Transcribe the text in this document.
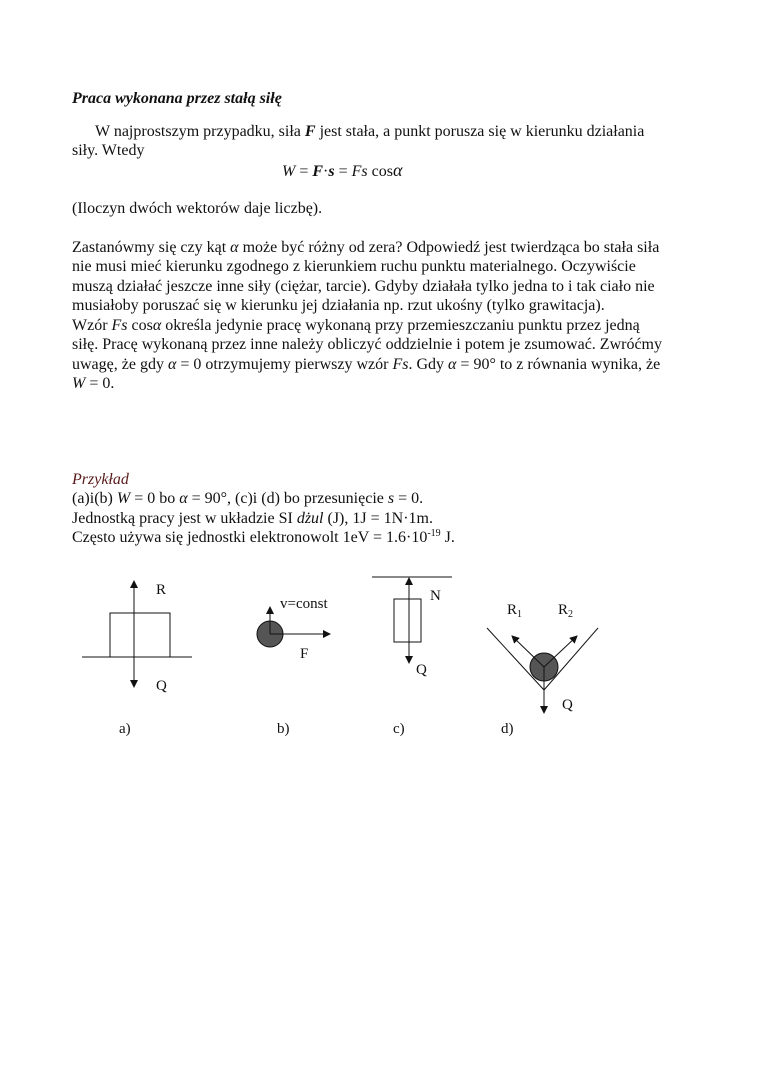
Praca wykonana przez stałą siłę
W najprostszym przypadku, siła F jest stała, a punkt porusza się w kierunku działania
siły. Wtedy
W = F·s = Fs cosα
(Iloczyn dwóch wektorów daje liczbę).
Zastanówmy się czy kąt α może być różny od zera? Odpowiedź jest twierdząca bo stała siła
nie musi mieć kierunku zgodnego z kierunkiem ruchu punktu materialnego. Oczywiście
muszą działać jeszcze inne siły (ciężar, tarcie). Gdyby działała tylko jedna to i tak ciało nie
musiałoby poruszać się w kierunku jej działania np. rzut ukośny (tylko grawitacja).
Wzór Fs cosα określa jedynie pracę wykonaną przy przemieszczaniu punktu przez jedną
siłę. Pracę wykonaną przez inne należy obliczyć oddzielnie i potem je zsumować. Zwróćmy
uwagę, że gdy α = 0 otrzymujemy pierwszy wzór Fs. Gdy α = 90° to z równania wynika, że
W = 0.
Przykład
(a)i(b) W = 0 bo α = 90°, (c)i (d) bo przesunięcie s = 0.
Jednostką pracy jest w układzie SI dżul (J), 1J = 1N·1m.
Często używa się jednostki elektronowolt $1eV = 1.6\cdot 10^{-19}$ J.
R
Q
v=const
F
N
Q
$R_1$ $R_2$
Q
a)	b)	c)	d)
